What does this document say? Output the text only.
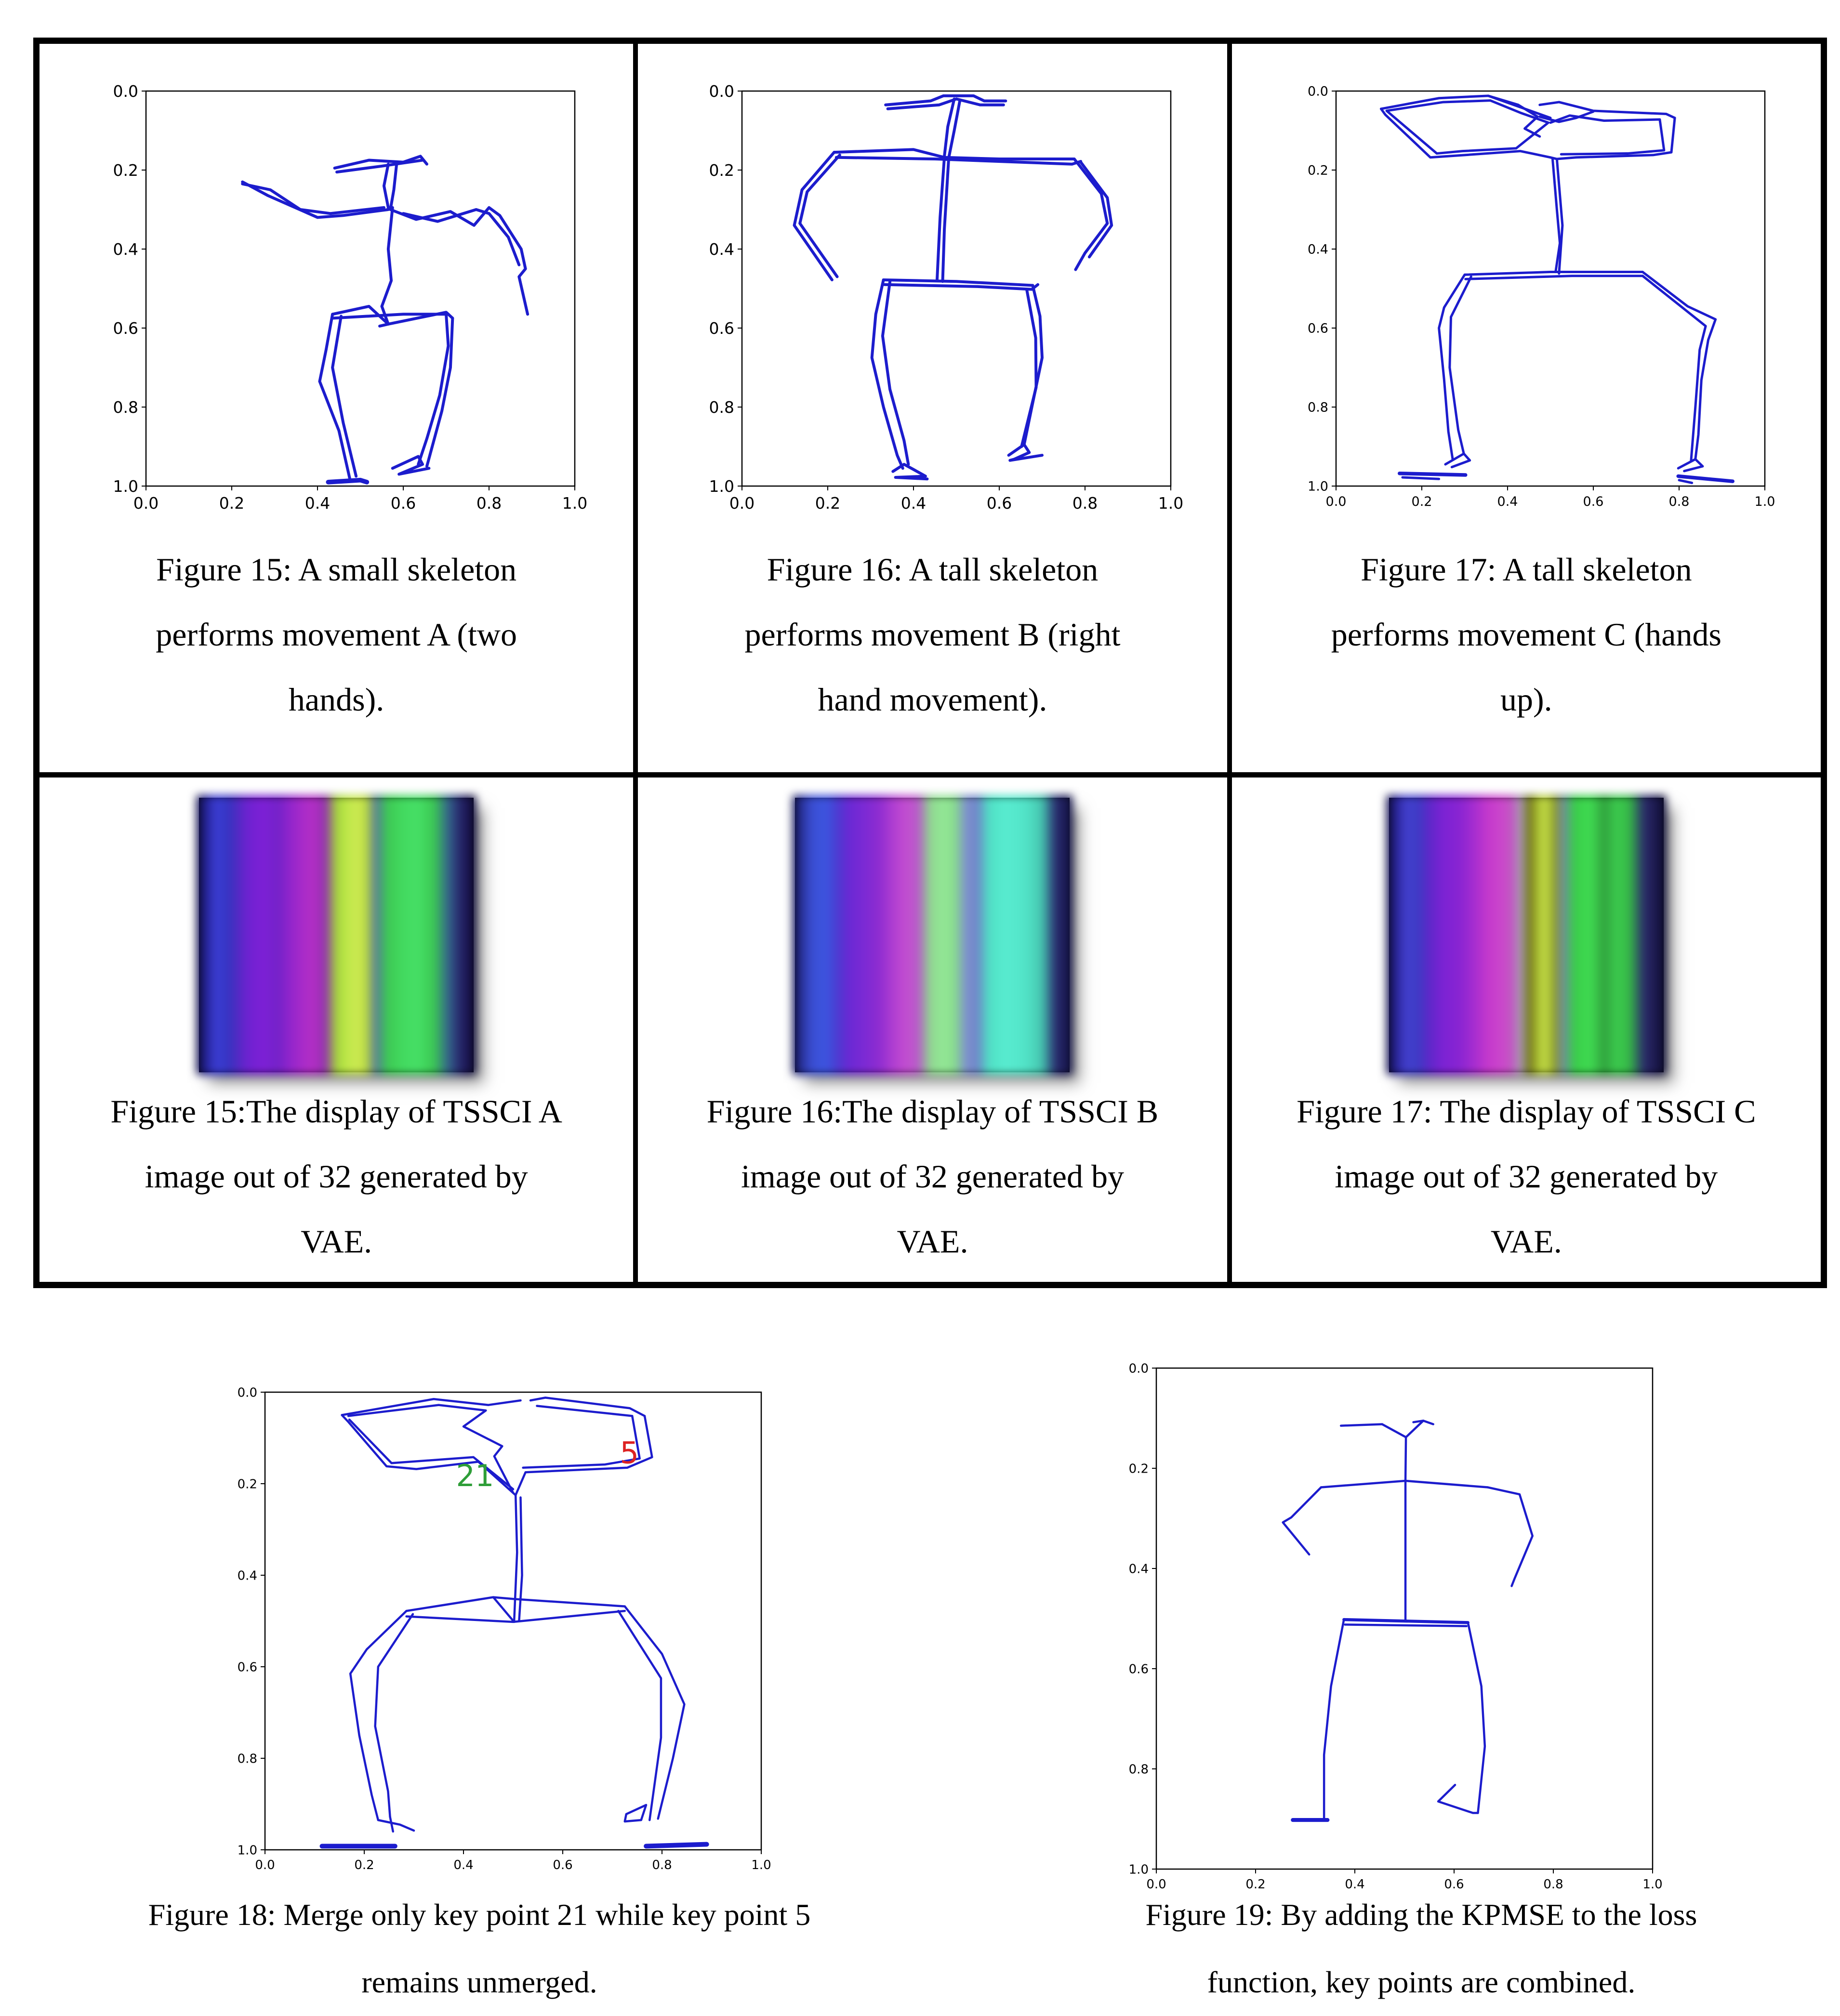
0.0	0.2	0.4	0.6	0.8	1.0
0.0
0.2
0.4
0.6
0.8
1.0
Figure 15: A small skeleton
performs movement A (two
hands).
0.0	0.2	0.4	0.6	0.8	1.0
0.0
0.2
0.4
0.6
0.8
1.0
Figure 16: A tall skeleton
performs movement B (right
hand movement).
0.0	0.2	0.4	0.6	0.8	1.0
0.0
0.2
0.4
0.6
0.8
1.0
Figure 17: A tall skeleton
performs movement C (hands
up).
Figure 15:The display of TSSCI A
image out of 32 generated by
VAE.
Figure 16:The display of TSSCI B
image out of 32 generated by
VAE.
Figure 17: The display of TSSCI C
image out of 32 generated by
VAE.
0.0	0.2	0.4	0.6	0.8	1.0
0.0
0.2
0.4
0.6
0.8
1.0
21
5
0.0	0.2	0.4	0.6	0.8	1.0
0.0
0.2
0.4
0.6
0.8
1.0
Figure 18: Merge only key point 21 while key point 5
remains unmerged.
Figure 19: By adding the KPMSE to the loss
function, key points are combined.
